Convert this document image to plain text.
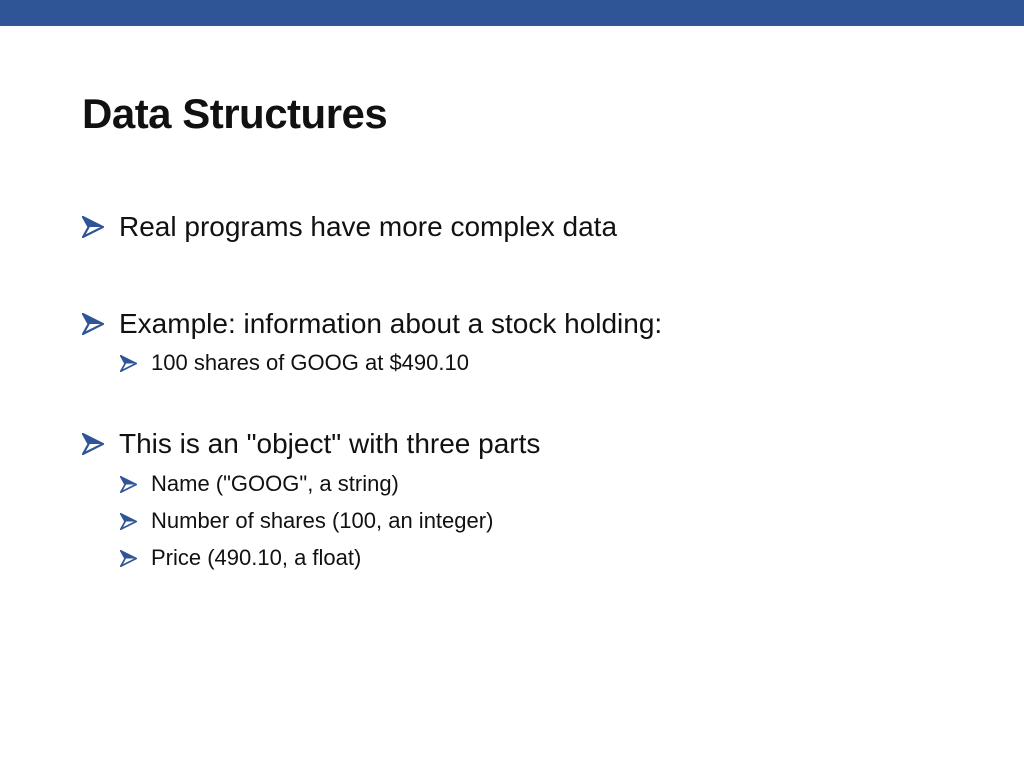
Data Structures
Real programs have more complex data
Example: information about a stock holding:
100 shares of GOOG at $490.10
This is an "object" with three parts
Name ("GOOG", a string)
Number of shares (100, an integer)
Price (490.10, a float)
